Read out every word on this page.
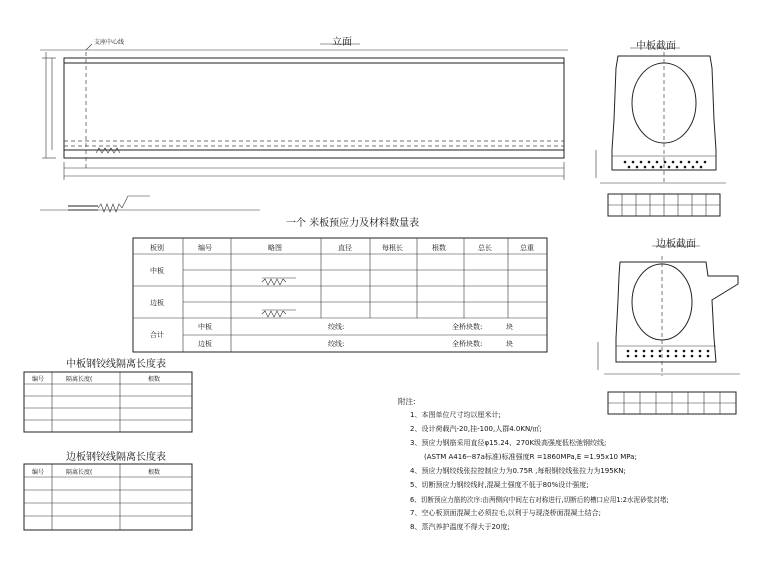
立面
支座中心线	中板截面
边板截面
一个 米板预应力及材料数量表
板别	编号	略图	直径	每根长	根数	总长	总重
中板
边板
合计
中板	绞线:	全桥块数:	块
边板	绞线:	全桥块数:	块
中板钢铰线隔离长度表
编号	隔离长度(	根数
边板钢铰线隔离长度表
编号	隔离长度(	根数
附注:
1、本图单位尺寸均以厘米计;
2、设计荷载汽-20,挂-100,人群4.0KN/㎡;
3、预应力钢筋采用直径φ15.24、270K级高强度低松弛钢绞线;
(ASTM A416--87a标准)标准强度R =1860MPa,E =1.95x10 MPa;
4、预应力钢绞线张拉控制应力为0.75R ,每根钢绞线张拉力为195KN;
5、切断预应力钢绞线时,混凝土强度不低于80%设计强度;
6、切断预应力筋的次序:由两侧向中间左右对称进行,切断后的槽口应用1:2水泥砂浆封堵;
7、空心板顶面混凝土必须拉毛,以利于与现浇桥面混凝土结合;
8、蒸汽养护温度不得大于20度;
